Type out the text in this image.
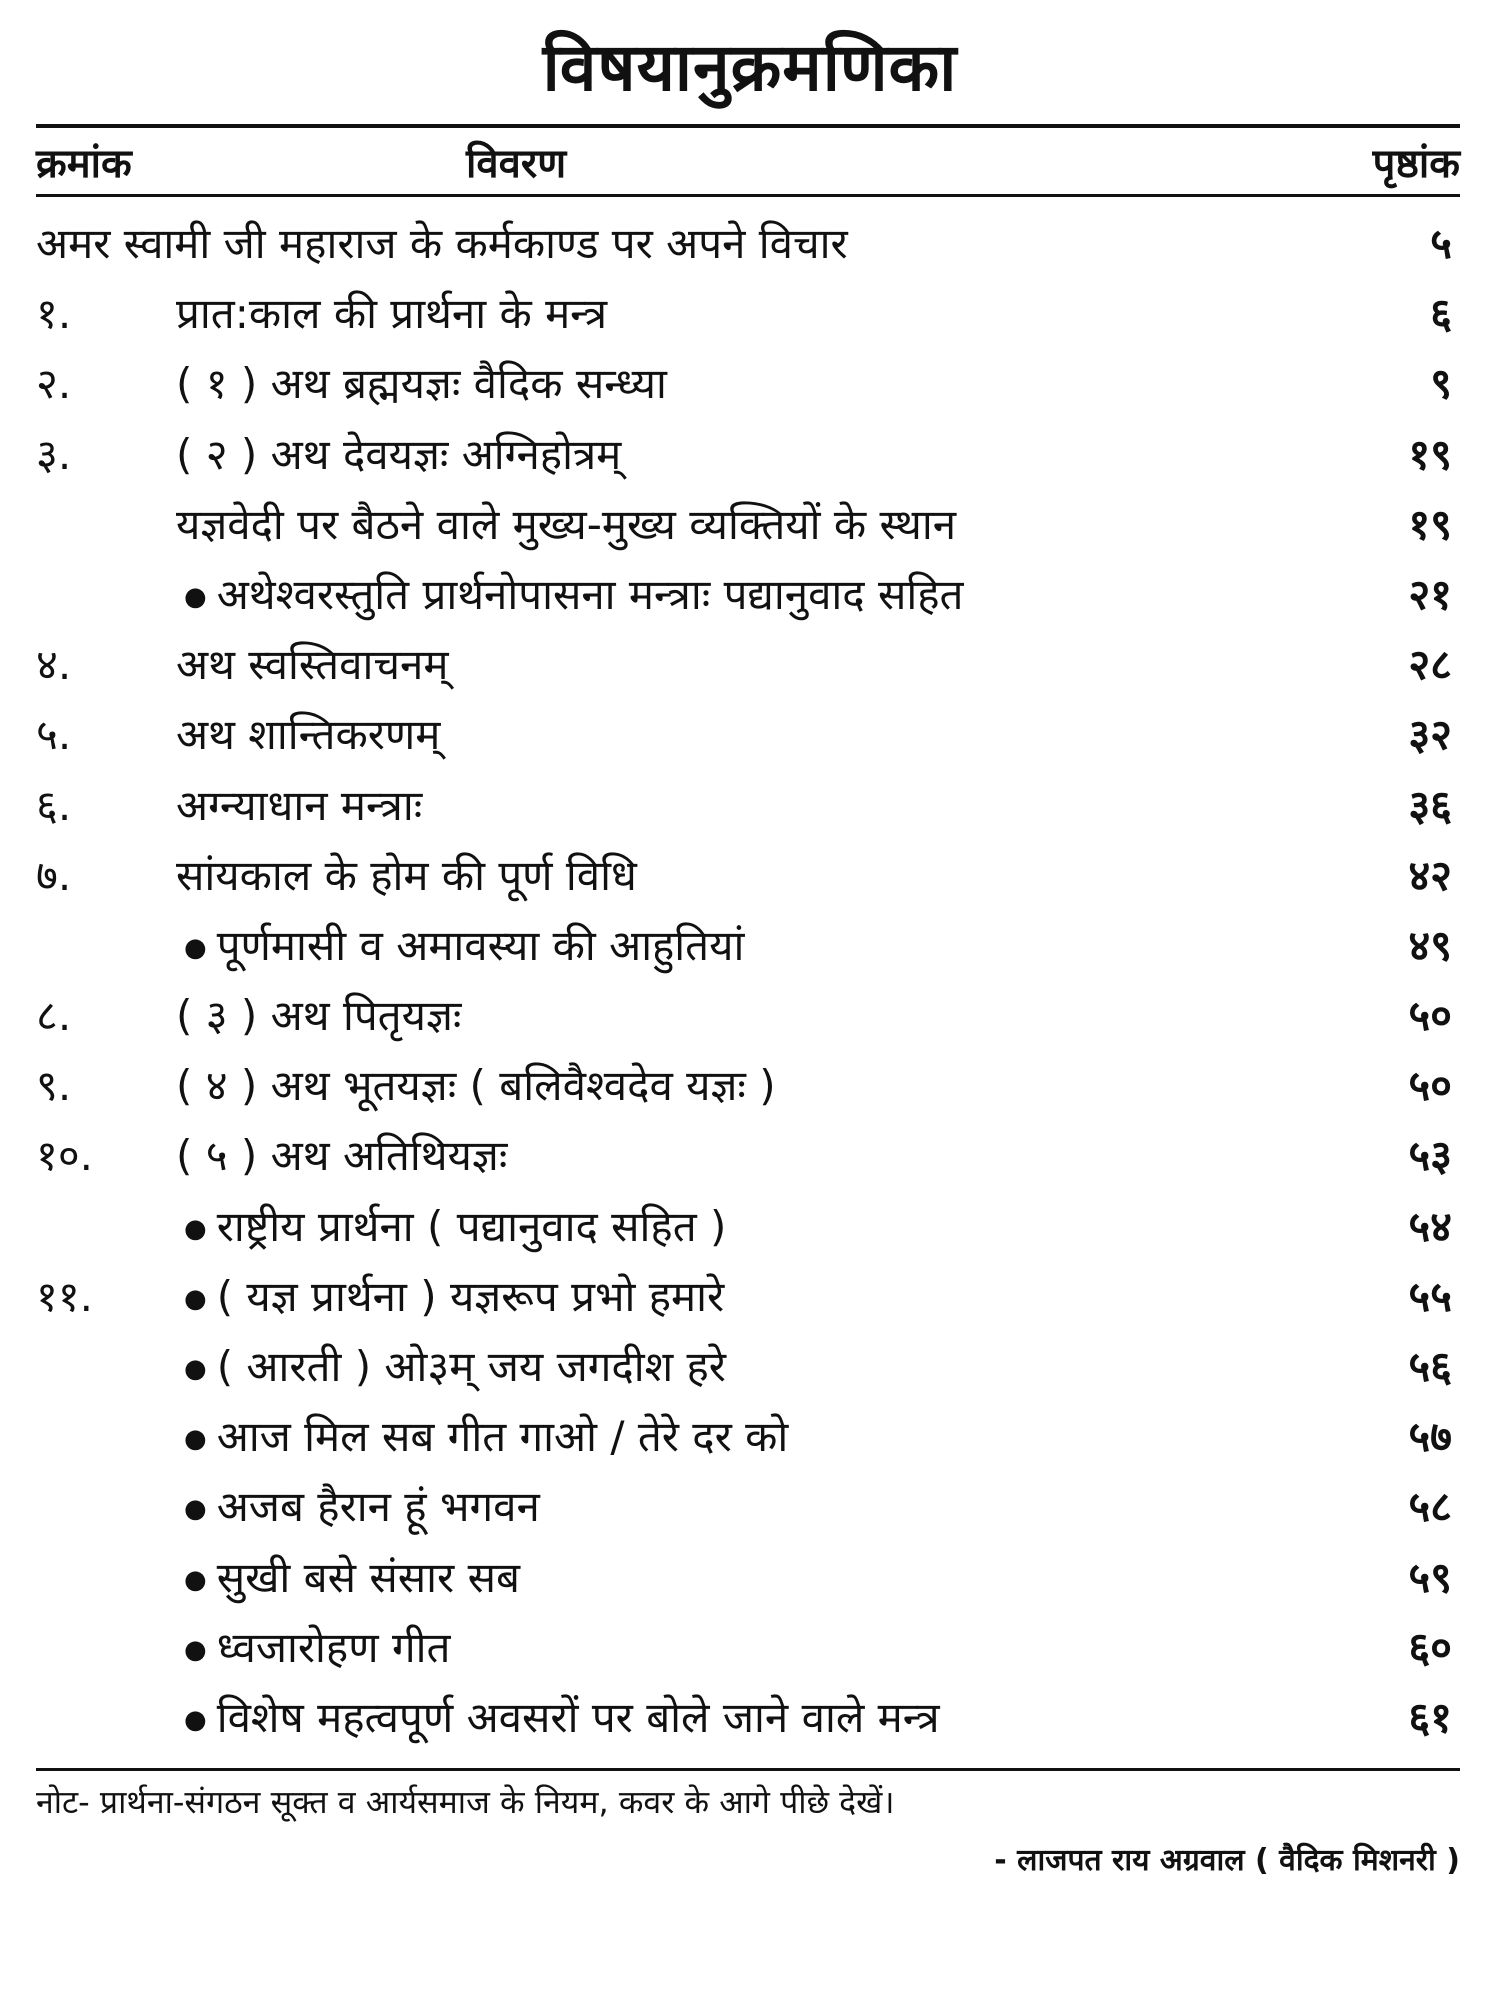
विषयानुक्रमणिका
क्रमांक	विवरण	पृष्ठांक
अमर स्वामी जी महाराज के कर्मकाण्ड पर अपने विचार	५
१. प्रात:काल की प्रार्थना के मन्त्र	६
२. ( १ ) अथ ब्रह्मयज्ञः वैदिक सन्ध्या	९
३. ( २ ) अथ देवयज्ञः अग्निहोत्रम्	१९
यज्ञवेदी पर बैठने वाले मुख्य-मुख्य व्यक्तियों के स्थान	१९
● अथेश्वरस्तुति प्रार्थनोपासना मन्त्राः पद्यानुवाद सहित	२१
४. अथ स्वस्तिवाचनम्	२८
५. अथ शान्तिकरणम्	३२
६. अग्न्याधान मन्त्राः	३६
७. सांयकाल के होम की पूर्ण विधि	४२
● पूर्णमासी व अमावस्या की आहुतियां	४९
८. ( ३ ) अथ पितृयज्ञः	५०
९. ( ४ ) अथ भूतयज्ञः ( बलिवैश्वदेव यज्ञः )	५०
१०. ( ५ ) अथ अतिथियज्ञः	५३
● राष्ट्रीय प्रार्थना ( पद्यानुवाद सहित )	५४
११.	● ( यज्ञ प्रार्थना ) यज्ञरूप प्रभो हमारे	५५
● ( आरती ) ओ३म् जय जगदीश हरे	५६
● आज मिल सब गीत गाओ / तेरे दर को	५७
● अजब हैरान हूं भगवन	५८
● सुखी बसे संसार सब	५९
● ध्वजारोहण गीत	६०
● विशेष महत्वपूर्ण अवसरों पर बोले जाने वाले मन्त्र	६१
नोट- प्रार्थना-संगठन सूक्त व आर्यसमाज के नियम, कवर के आगे पीछे देखें।
- लाजपत राय अग्रवाल ( वैदिक मिशनरी )
